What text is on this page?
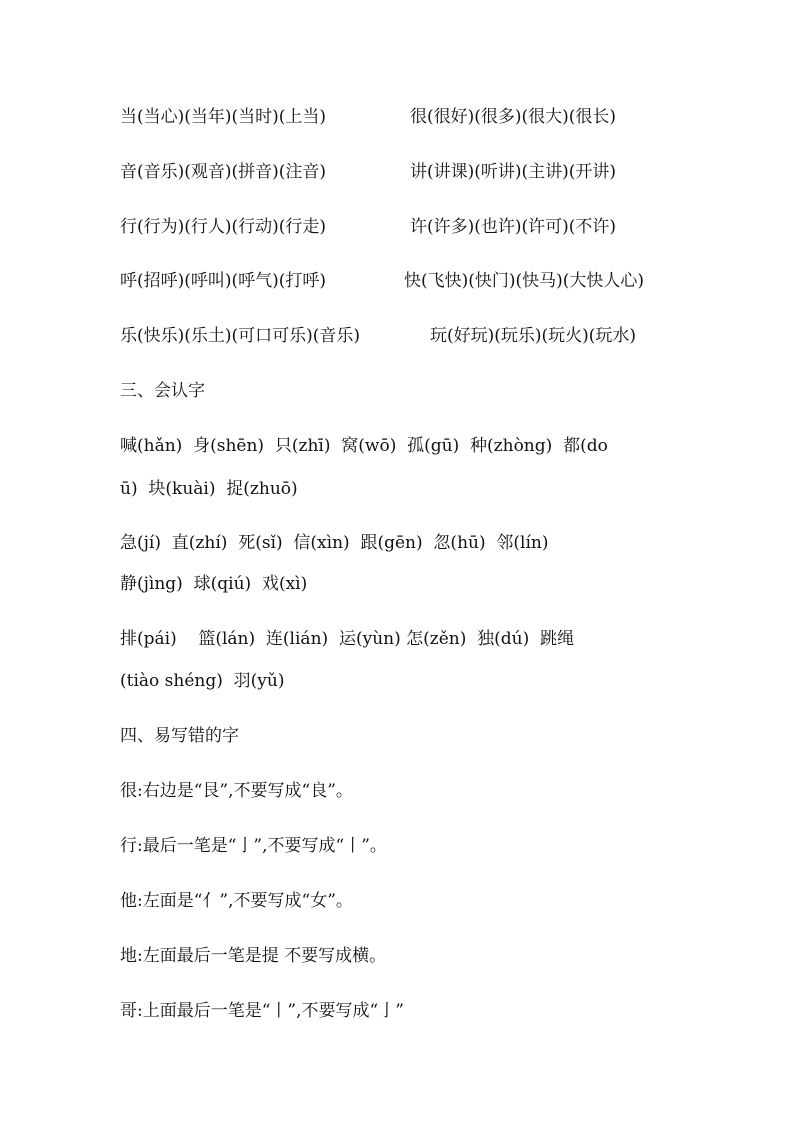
当(当心)(当年)(当时)(上当)	很(很好)(很多)(很大)(很长)
音(音乐)(观音)(拼音)(注音)	讲(讲课)(听讲)(主讲)(开讲)
行(行为)(行人)(行动)(行走)	许(许多)(也许)(许可)(不许)
呼(招呼)(呼叫)(呼气)(打呼)	快(飞快)(快门)(快马)(大快人心)
乐(快乐)(乐土)(可口可乐)(音乐)	玩(好玩)(玩乐)(玩火)(玩水)
三、会认字
喊(hǎn)  身(shēn)  只(zhī)  窝(wō)  孤(gū)  种(zhòng)  都(do
ū)  块(kuài)  捉(zhuō)
急(jí)  直(zhí)  死(sǐ)  信(xìn)  跟(gēn)  忽(hū)  邻(lín)
静(jìng)  球(qiú)  戏(xì)
排(pái)    篮(lán)  连(lián)  运(yùn) 怎(zěn)  独(dú)  跳绳
(tiào shéng)  羽(yǔ)
四、易写错的字
很:右边是“艮”,不要写成“良”。
行:最后一笔是“亅”,不要写成“丨”。
他:左面是“亻”,不要写成“女”。
地:左面最后一笔是提 不要写成横。
哥:上面最后一笔是“丨”,不要写成“亅”
